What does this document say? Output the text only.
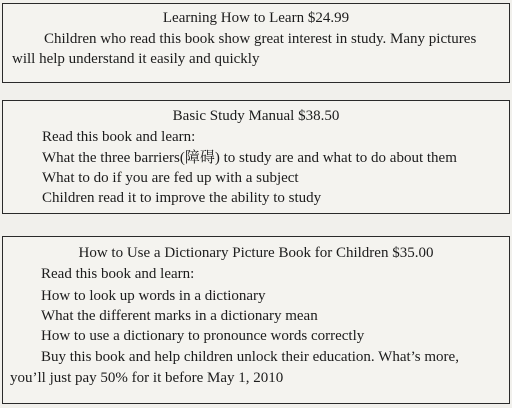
Learning How to Learn $24.99
Children who read this book show great interest in study. Many pictures
will help understand it easily and quickly
Basic Study Manual $38.50
Read this book and learn:
What the three barriers(障碍) to study are and what to do about them
What to do if you are fed up with a subject
Children read it to improve the ability to study
How to Use a Dictionary Picture Book for Children $35.00
Read this book and learn:
How to look up words in a dictionary
What the different marks in a dictionary mean
How to use a dictionary to pronounce words correctly
Buy this book and help children unlock their education. What’s more,
you’ll just pay 50% for it before May 1, 2010
